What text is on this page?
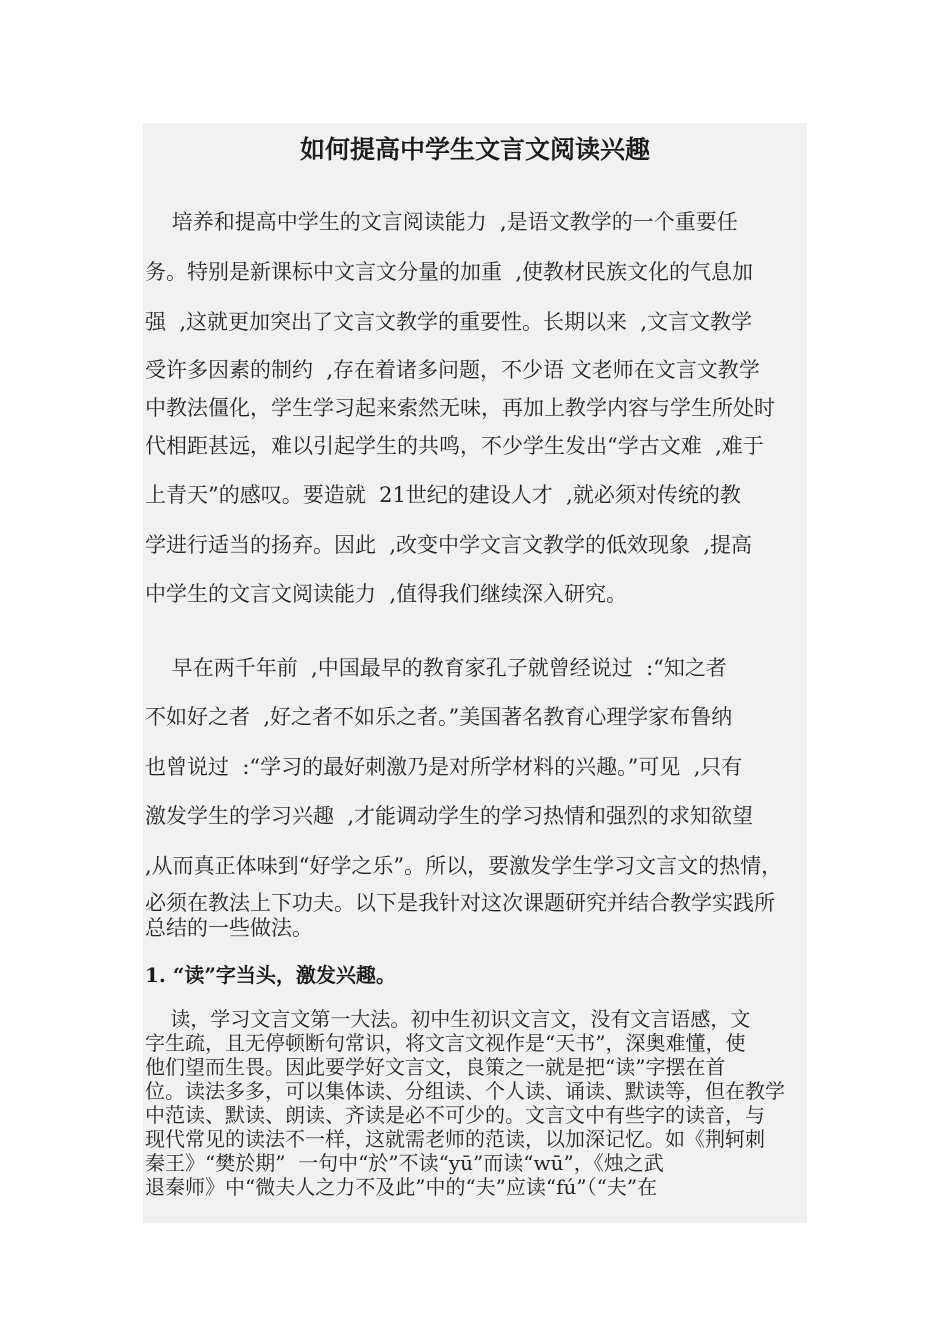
如何提高中学生文言文阅读兴趣
培养和提高中学生的文言阅读能力  ,是语文教学的一个重要任
务。特别是新课标中文言文分量的加重  ,使教材民族文化的气息加
强  ,这就更加突出了文言文教学的重要性。长期以来  ,文言文教学
受许多因素的制约  ,存在着诸多问题，不少语 文老师在文言文教学
中教法僵化，学生学习起来索然无味，再加上教学内容与学生所处时
代相距甚远，难以引起学生的共鸣，不少学生发出“学古文难  ,难于
上青天”的感叹。要造就  21世纪的建设人才  ,就必须对传统的教
学进行适当的扬弃。因此  ,改变中学文言文教学的低效现象  ,提高
中学生的文言文阅读能力  ,值得我们继续深入研究。
早在两千年前  ,中国最早的教育家孔子就曾经说过  :“知之者
不如好之者  ,好之者不如乐之者。”美国著名教育心理学家布鲁纳
也曾说过  :“学习的最好刺激乃是对所学材料的兴趣。”可见  ,只有
激发学生的学习兴趣  ,才能调动学生的学习热情和强烈的求知欲望
,从而真正体味到“好学之乐”。所以，要激发学生学习文言文的热情，
必须在教法上下功夫。以下是我针对这次课题研究并结合教学实践所
总结的一些做法。
1. “读”字当头，激发兴趣。
读，学习文言文第一大法。初中生初识文言文，没有文言语感，文
字生疏，且无停顿断句常识，将文言文视作是“天书”，深奥难懂，使
他们望而生畏。因此要学好文言文，良策之一就是把“读”字摆在首
位。读法多多，可以集体读、分组读、个人读、诵读、默读等，但在教学
中范读、默读、朗读、齐读是必不可少的。文言文中有些字的读音，与
现代常见的读法不一样，这就需老师的范读，以加深记忆。如《荆轲刺
秦王》“樊於期”  一句中“於”不读“yū”而读“wū”，《烛之武
退秦师》中“微夫人之力不及此”中的“夫”应读“fú”（“夫”在
